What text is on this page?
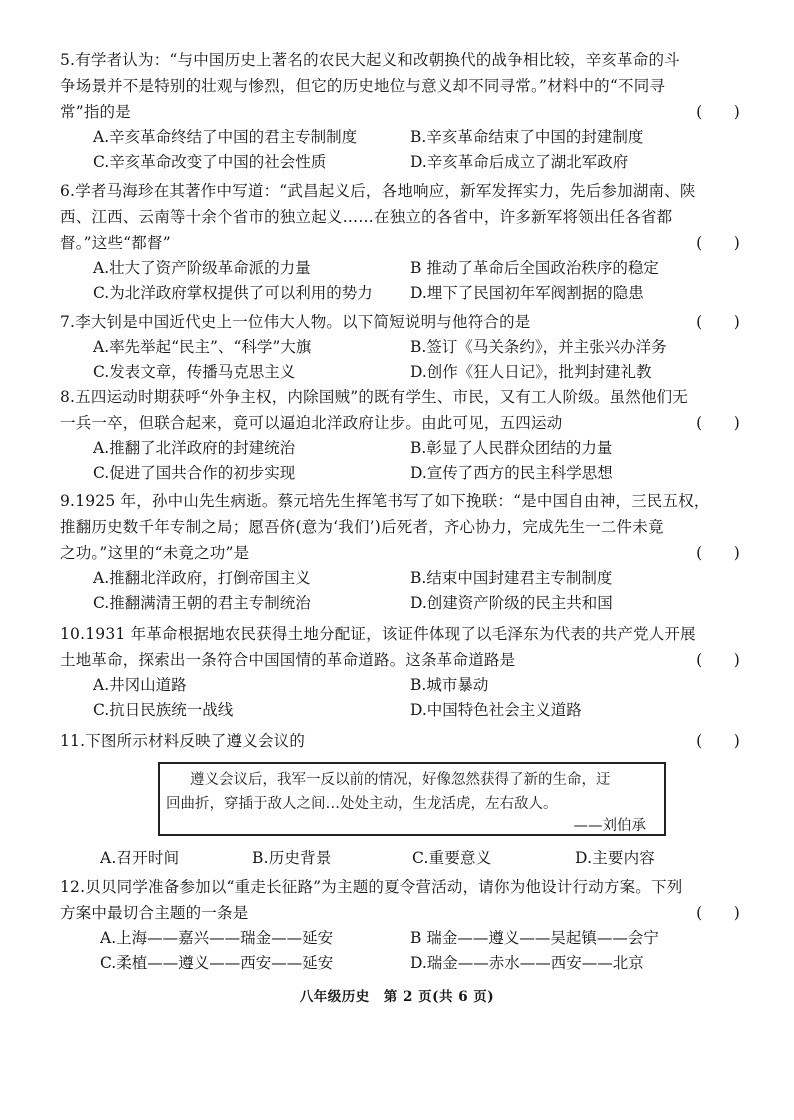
5.有学者认为：“与中国历史上著名的农民大起义和改朝换代的战争相比较，辛亥革命的斗
争场景并不是特别的壮观与惨烈，但它的历史地位与意义却不同寻常。”材料中的“不同寻
常”指的是	(　　)
A.辛亥革命终结了中国的君主专制制度	B.辛亥革命结束了中国的封建制度
C.辛亥革命改变了中国的社会性质	D.辛亥革命后成立了湖北军政府
6.学者马海珍在其著作中写道：“武昌起义后，各地响应，新军发挥实力，先后参加湖南、陕
西、江西、云南等十余个省市的独立起义……在独立的各省中，许多新军将领出任各省都
督。”这些“都督”	(　　)
A.壮大了资产阶级革命派的力量	B 推动了革命后全国政治秩序的稳定
C.为北洋政府掌权提供了可以利用的势力 D.埋下了民国初年军阀割据的隐患
7.李大钊是中国近代史上一位伟大人物。以下简短说明与他符合的是	(　　)
A.率先举起“民主”、“科学”大旗	B.签订《马关条约》，并主张兴办洋务
C.发表文章，传播马克思主义	D.创作《狂人日记》，批判封建礼教
8.五四运动时期获呼“外争主权，内除国贼”的既有学生、市民，又有工人阶级。虽然他们无
一兵一卒，但联合起来，竟可以逼迫北洋政府让步。由此可见，五四运动	(　　)
A.推翻了北洋政府的封建统治	B.彰显了人民群众团结的力量
C.促进了国共合作的初步实现	D.宣传了西方的民主科学思想
9.1925 年，孙中山先生病逝。蔡元培先生挥笔书写了如下挽联：“是中国自由神，三民五权，
推翻历史数千年专制之局；愿吾侪(意为‘我们’)后死者，齐心协力，完成先生一二件未竟
之功。”这里的“未竟之功”是	(　　)
A.推翻北洋政府，打倒帝国主义	B.结束中国封建君主专制制度
C.推翻满清王朝的君主专制统治	D.创建资产阶级的民主共和国
10.1931 年革命根据地农民获得土地分配证，该证件体现了以毛泽东为代表的共产党人开展
土地革命，探索出一条符合中国国情的革命道路。这条革命道路是	(　　)
A.井冈山道路	B.城市暴动
C.抗日民族统一战线	D.中国特色社会主义道路
11.下图所示材料反映了遵义会议的	(　　)
遵义会议后，我军一反以前的情况，好像忽然获得了新的生命，迂
回曲折，穿插于敌人之间…处处主动，生龙活虎，左右敌人。
——刘伯承
A.召开时间	B.历史背景	C.重要意义	D.主要内容
12.贝贝同学准备参加以“重走长征路”为主题的夏令营活动，请你为他设计行动方案。下列
方案中最切合主题的一条是	(　　)
A.上海——嘉兴——瑞金——延安	B 瑞金——遵义——吴起镇——会宁
C.柔植——遵义——西安——延安	D.瑞金——赤水——西安——北京
八年级历史　第 2 页(共 6 页)
